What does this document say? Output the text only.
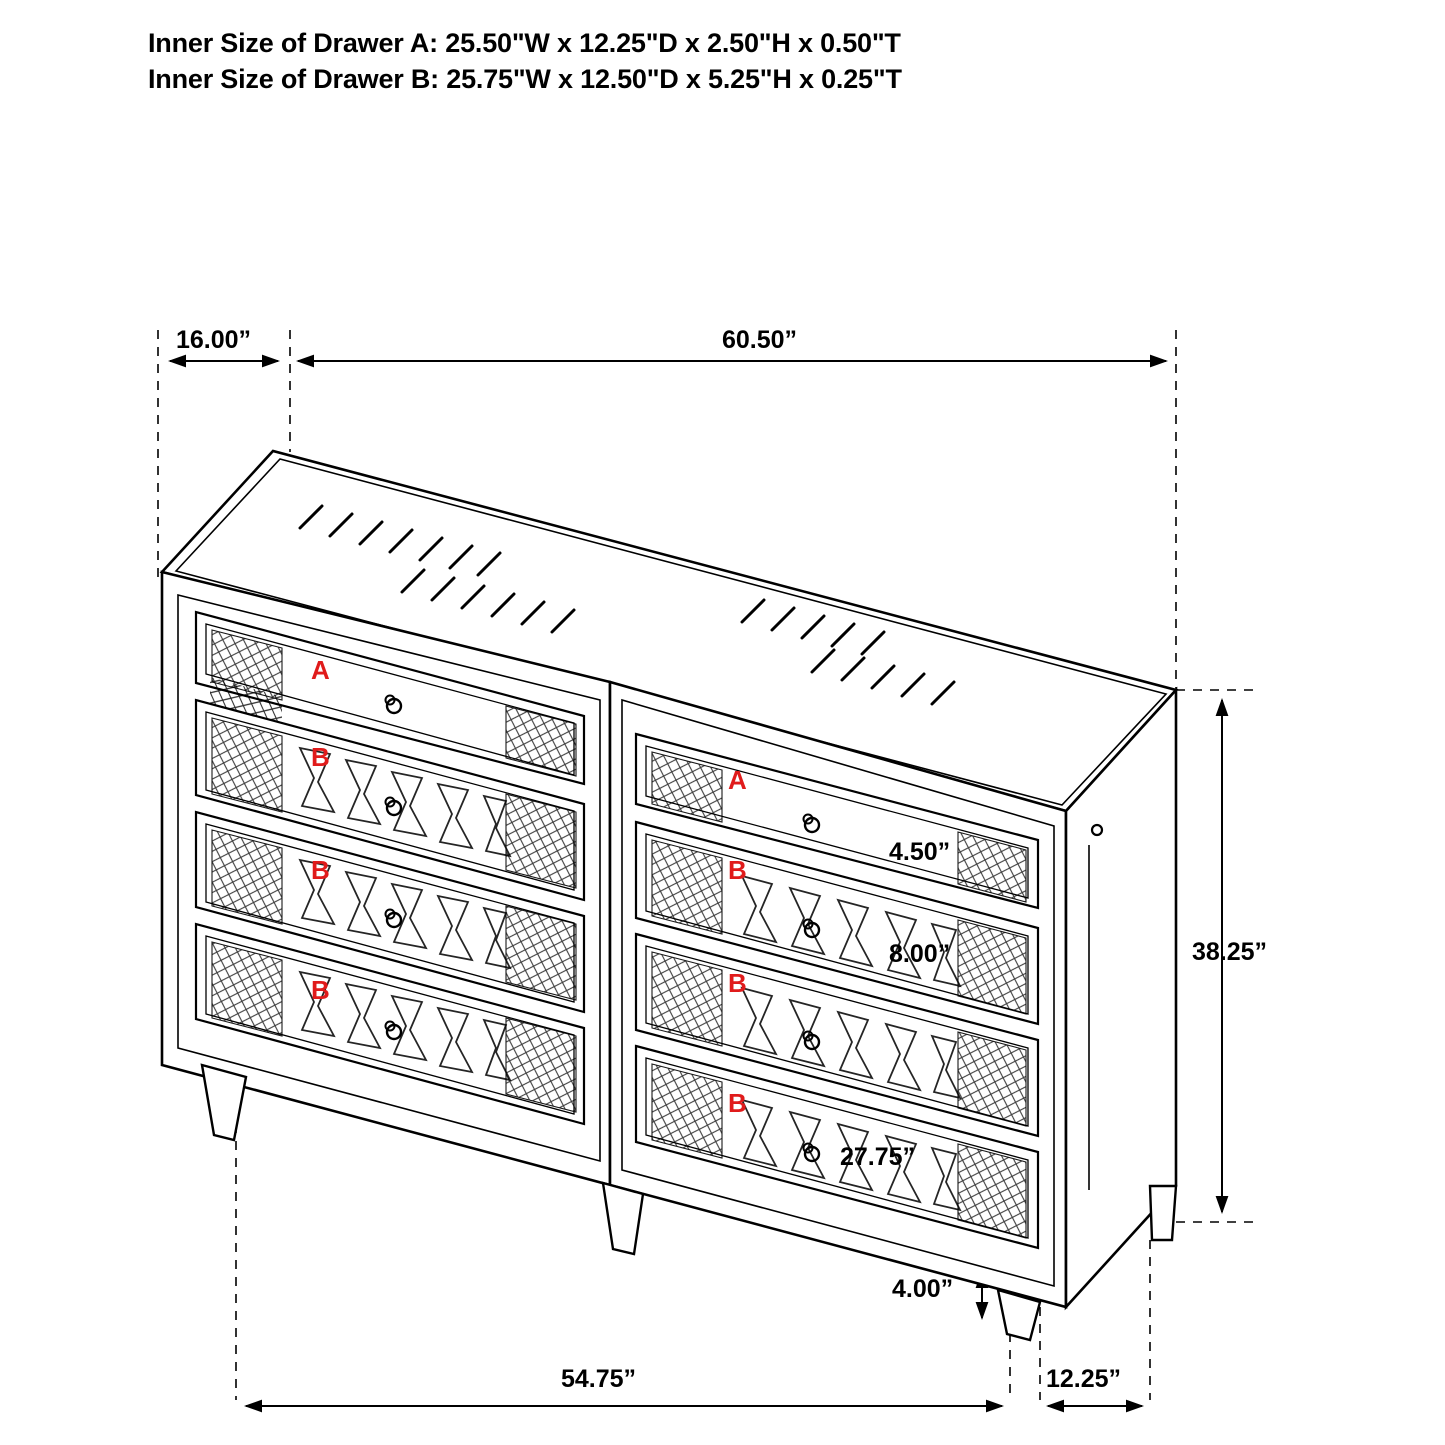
Inner Size of Drawer A: 25.50"W x 12.25"D x 2.50"H x 0.50"T
Inner Size of Drawer B: 25.75"W x 12.50"D x 5.25"H x 0.25"T
16.00”	60.50”
4.50”
8.00”
27.75”
38.25”
4.00”
54.75”	12.25”
A
B
B
B
A
B
B
B
